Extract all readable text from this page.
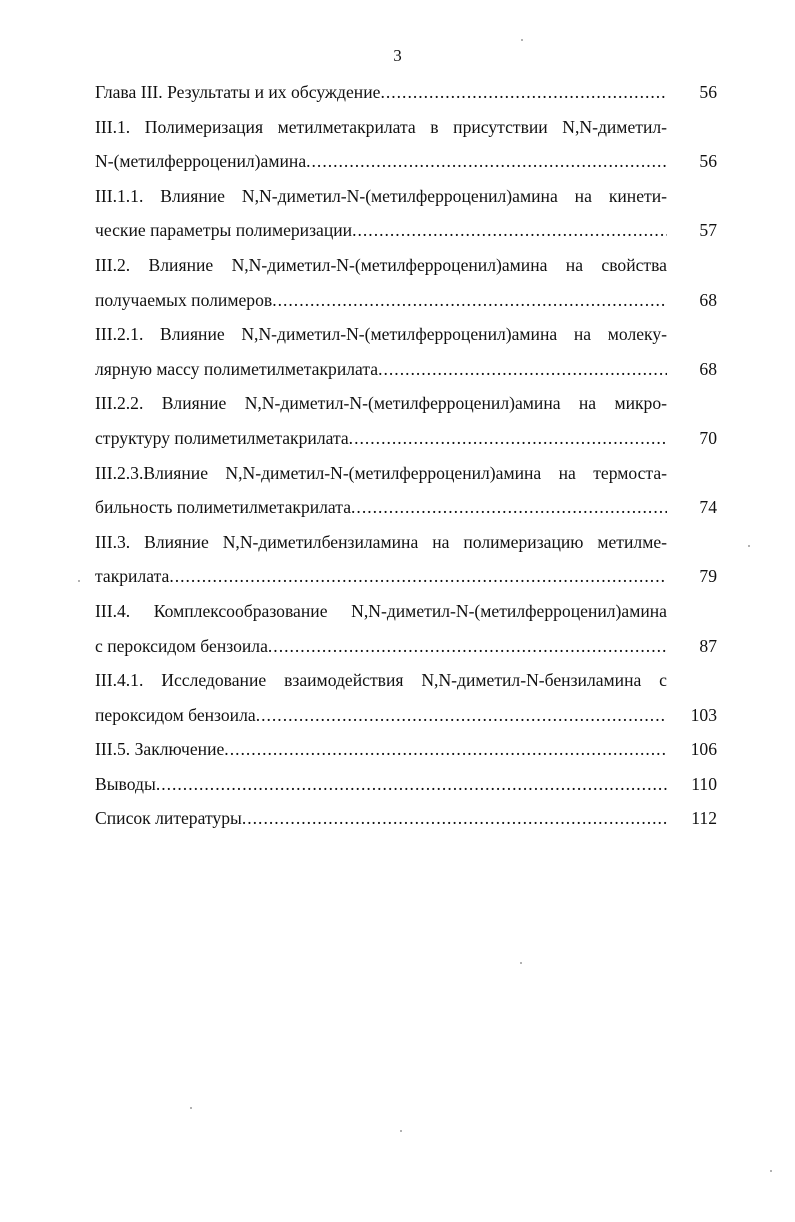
3
Глава III. Результаты и их обсуждение .....	56
III.1. Полимеризация метилметакрилата в присутствии N,N-диметил-
N-(метилферроценил)амина .....	56
III.1.1. Влияние N,N-диметил-N-(метилферроценил)амина на кинети-
ческие параметры полимеризации .....	57
III.2. Влияние N,N-диметил-N-(метилферроценил)амина на свойства
получаемых полимеров .....	68
III.2.1. Влияние N,N-диметил-N-(метилферроценил)амина на молеку-
лярную массу полиметилметакрилата .....	68
III.2.2. Влияние N,N-диметил-N-(метилферроценил)амина на микро-
структуру полиметилметакрилата .....	70
III.2.3.Влияние N,N-диметил-N-(метилферроценил)амина на термоста-
бильность полиметилметакрилата .....	74
III.3. Влияние N,N-диметилбензиламина на полимеризацию метилме-
такрилата .....	79
III.4. Комплексообразование N,N-диметил-N-(метилферроценил)амина
с пероксидом бензоила .....	87
III.4.1. Исследование взаимодействия N,N-диметил-N-бензиламина с
пероксидом бензоила .....	103
III.5. Заключение .....	106
Выводы .....	110
Список литературы .....	112
